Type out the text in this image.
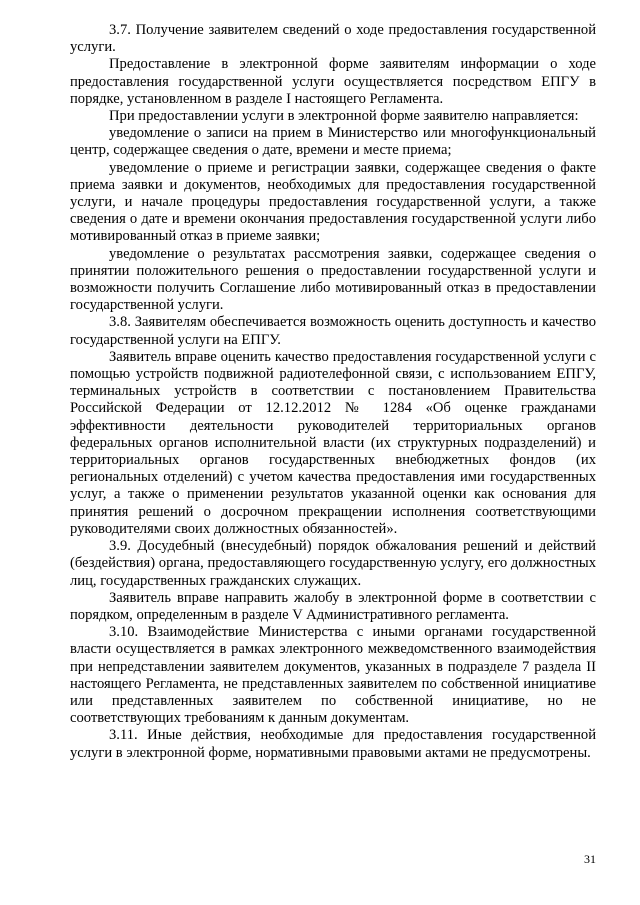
3.7. Получение заявителем сведений о ходе предоставления государственной услуги.

Предоставление в электронной форме заявителям информации о ходе предоставления государственной услуги осуществляется посредством ЕПГУ в порядке, установленном в разделе I настоящего Регламента.

При предоставлении услуги в электронной форме заявителю направляется:

уведомление о записи на прием в Министерство или многофункциональный центр, содержащее сведения о дате, времени и месте приема;

уведомление о приеме и регистрации заявки, содержащее сведения о факте приема заявки и документов, необходимых для предоставления государственной услуги, и начале процедуры предоставления государственной услуги, а также сведения о дате и времени окончания предоставления государственной услуги либо мотивированный отказ в приеме заявки;

уведомление о результатах рассмотрения заявки, содержащее сведения о принятии положительного решения о предоставлении государственной услуги и возможности получить Соглашение либо мотивированный отказ в предоставлении государственной услуги.

3.8. Заявителям обеспечивается возможность оценить доступность и качество государственной услуги на ЕПГУ.

Заявитель вправе оценить качество предоставления государственной услуги с помощью устройств подвижной радиотелефонной связи, с использованием ЕПГУ, терминальных устройств в соответствии с постановлением Правительства Российской Федерации от 12.12.2012 № 1284 «Об оценке гражданами эффективности деятельности руководителей территориальных органов федеральных органов исполнительной власти (их структурных подразделений) и территориальных органов государственных внебюджетных фондов (их региональных отделений) с учетом качества предоставления ими государственных услуг, а также о применении результатов указанной оценки как основания для принятия решений о досрочном прекращении исполнения соответствующими руководителями своих должностных обязанностей».

3.9. Досудебный (внесудебный) порядок обжалования решений и действий (бездействия) органа, предоставляющего государственную услугу, его должностных лиц, государственных гражданских служащих.

Заявитель вправе направить жалобу в электронной форме в соответствии с порядком, определенным в разделе V Административного регламента.

3.10. Взаимодействие Министерства с иными органами государственной власти осуществляется в рамках электронного межведомственного взаимодействия при непредставлении заявителем документов, указанных в подразделе 7 раздела II настоящего Регламента, не представленных заявителем по собственной инициативе или представленных заявителем по собственной инициативе, но не соответствующих требованиям к данным документам.

3.11. Иные действия, необходимые для предоставления государственной услуги в электронной форме, нормативными правовыми актами не предусмотрены.

31
